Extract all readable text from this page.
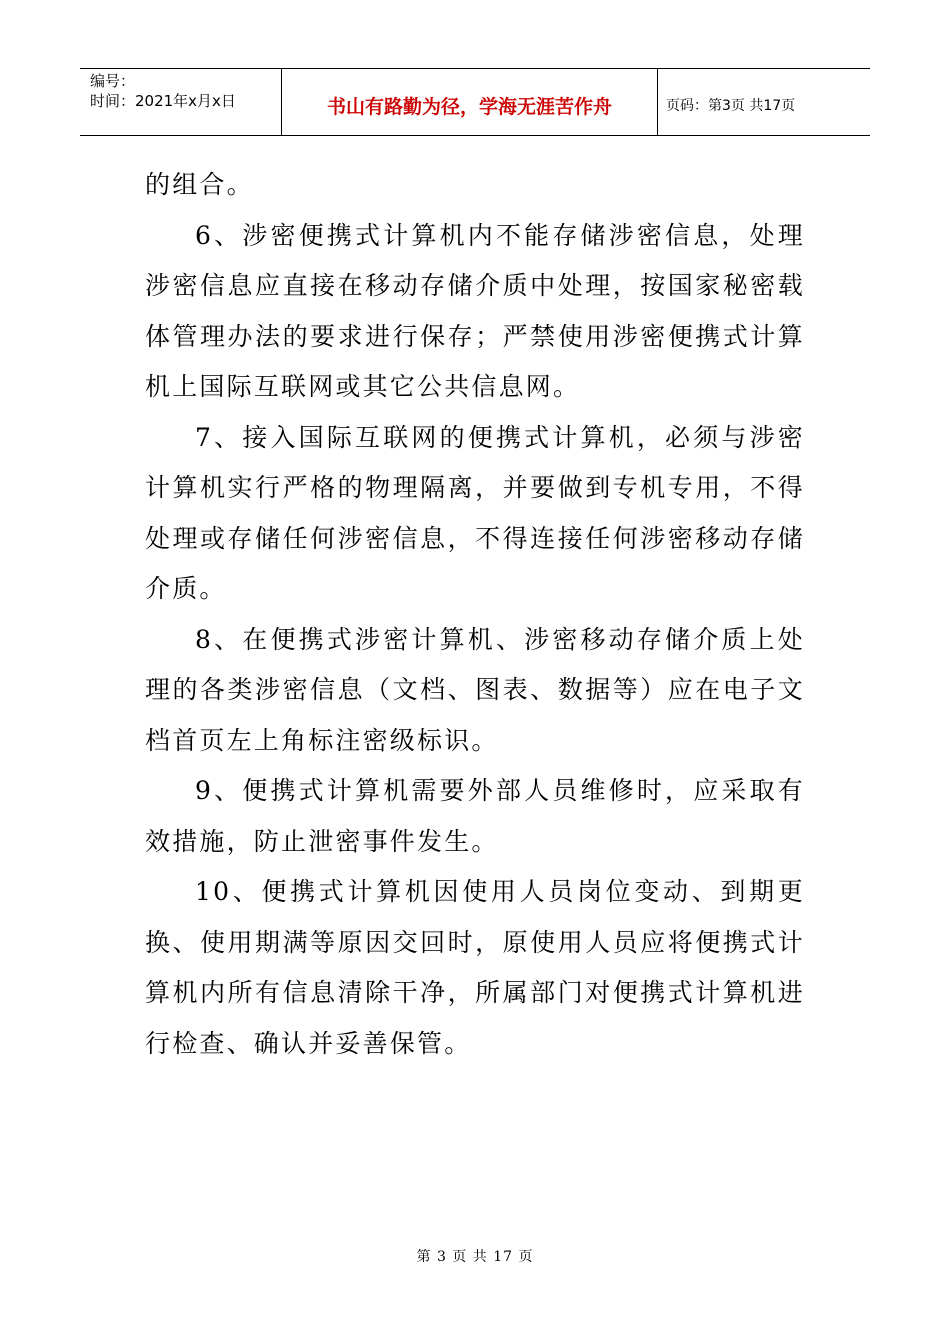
编号：
时间：2021年x月x日	书山有路勤为径，学海无涯苦作舟	页码：第3页 共17页

的组合。

6、涉密便携式计算机内不能存储涉密信息，处理涉密信息应直接在移动存储介质中处理，按国家秘密载体管理办法的要求进行保存；严禁使用涉密便携式计算机上国际互联网或其它公共信息网。

7、接入国际互联网的便携式计算机，必须与涉密计算机实行严格的物理隔离，并要做到专机专用，不得处理或存储任何涉密信息，不得连接任何涉密移动存储介质。

8、在便携式涉密计算机、涉密移动存储介质上处理的各类涉密信息（文档、图表、数据等）应在电子文档首页左上角标注密级标识。

9、便携式计算机需要外部人员维修时，应采取有效措施，防止泄密事件发生。

10、便携式计算机因使用人员岗位变动、到期更换、使用期满等原因交回时，原使用人员应将便携式计算机内所有信息清除干净，所属部门对便携式计算机进行检查、确认并妥善保管。

第 3 页 共 17 页
